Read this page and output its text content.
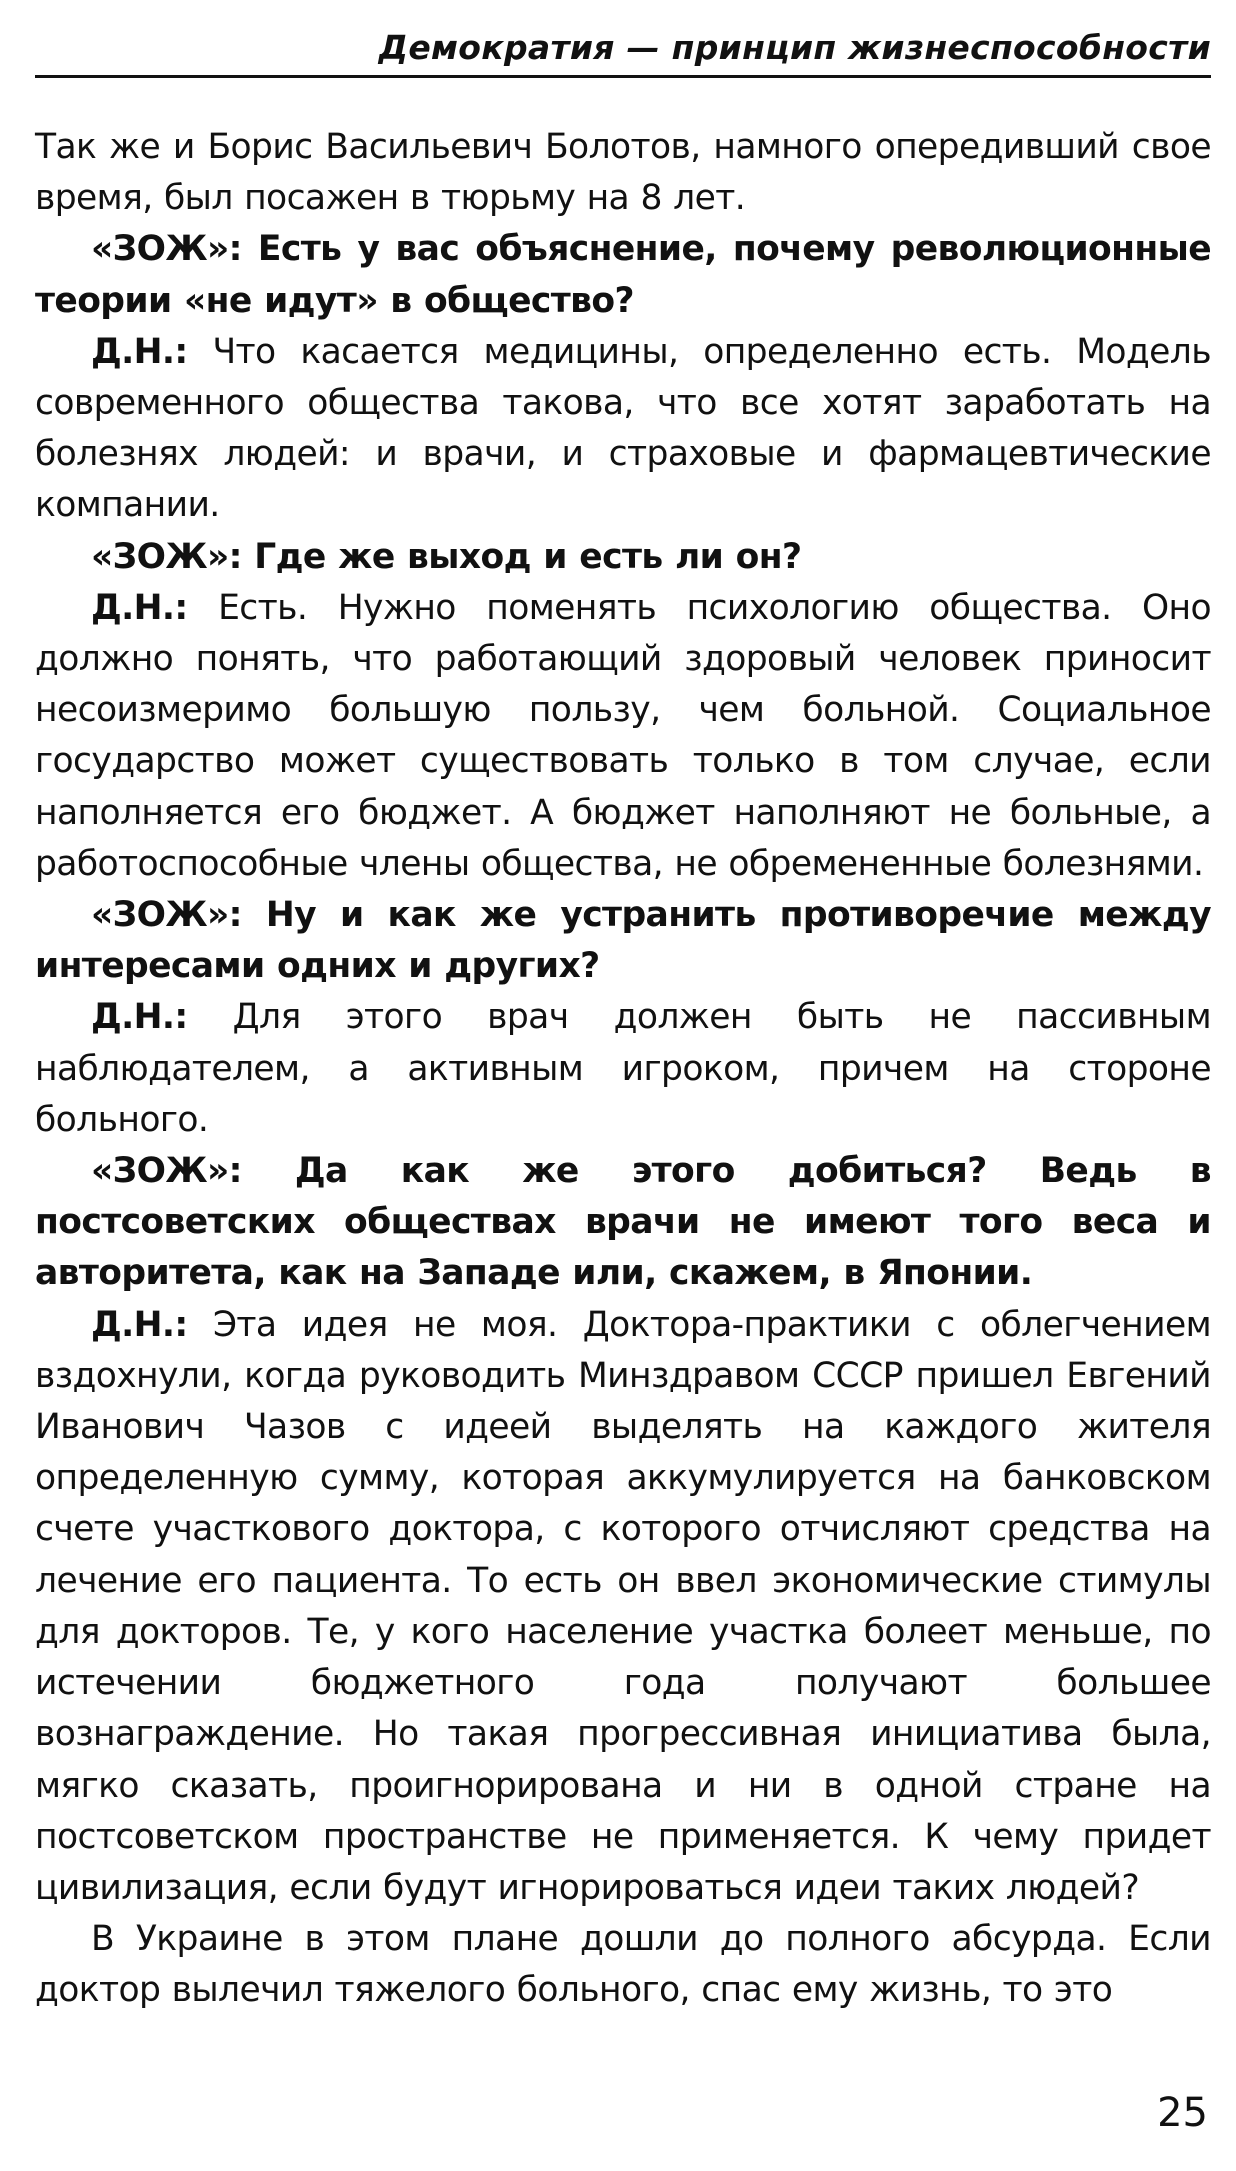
Демократия — принцип жизнеспособности

Так же и Борис Васильевич Болотов, намного опередивший свое время, был посажен в тюрьму на 8 лет.

«ЗОЖ»: Есть у вас объяснение, почему революционные теории «не идут» в общество?

Д.Н.: Что касается медицины, определенно есть. Модель современного общества такова, что все хотят заработать на болезнях людей: и врачи, и страховые и фармацевтические компании.

«ЗОЖ»: Где же выход и есть ли он?

Д.Н.: Есть. Нужно поменять психологию общества. Оно должно понять, что работающий здоровый человек приносит несоизмеримо большую пользу, чем больной. Социальное государство может существовать только в том случае, если наполняется его бюджет. А бюджет наполняют не больные, а работоспособные члены общества, не обремененные болезнями.

«ЗОЖ»: Ну и как же устранить противоречие между интересами одних и других?

Д.Н.: Для этого врач должен быть не пассивным наблюдателем, а активным игроком, причем на стороне больного.

«ЗОЖ»: Да как же этого добиться? Ведь в постсоветских обществах врачи не имеют того веса и авторитета, как на Западе или, скажем, в Японии.

Д.Н.: Эта идея не моя. Доктора-практики с облегчением вздохнули, когда руководить Минздравом СССР пришел Евгений Иванович Чазов с идеей выделять на каждого жителя определенную сумму, которая аккумулируется на банковском счете участкового доктора, с которого отчисляют средства на лечение его пациента. То есть он ввел экономические стимулы для докторов. Те, у кого население участка болеет меньше, по истечении бюджетного года получают большее вознаграждение. Но такая прогрессивная инициатива была, мягко сказать, проигнорирована и ни в одной стране на постсоветском пространстве не применяется. К чему придет цивилизация, если будут игнорироваться идеи таких людей?

В Украине в этом плане дошли до полного абсурда. Если доктор вылечил тяжелого больного, спас ему жизнь, то это

25
